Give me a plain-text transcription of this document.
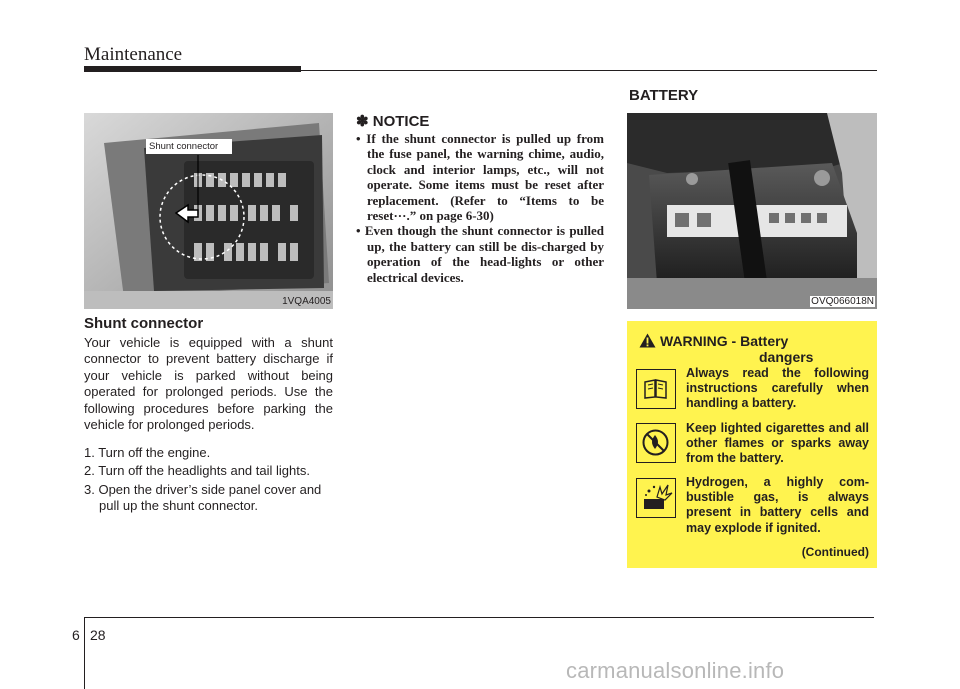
Maintenance
Shunt connector
1VQA4005
Shunt connector

Your vehicle is equipped with a shunt connector to prevent battery discharge if your vehicle is parked without being operated for prolonged periods. Use the following procedures before parking the vehicle for prolonged periods.

1. Turn off the engine.
2. Turn off the headlights and tail lights.
3. Open the driver’s side panel cover and pull up the shunt connector.
✽ NOTICE
• If the shunt connector is pulled up from the fuse panel, the warning chime, audio, clock and interior lamps, etc., will not operate. Some items must be reset after replacement. (Refer to “Items to be reset···.” on page 6-30)
• Even though the shunt connector is pulled up, the battery can still be dis-charged by operation of the head-lights or other electrical devices.
BATTERY
OVQ066018N
WARNING - Battery
dangers
Always read the following instructions carefully when handling a battery.
Keep lighted cigarettes and all other flames or sparks away from the battery.
Hydrogen, a highly com-bustible gas, is always present in battery cells and may explode if ignited.
(Continued)
6 28
carmanualsonline.info
